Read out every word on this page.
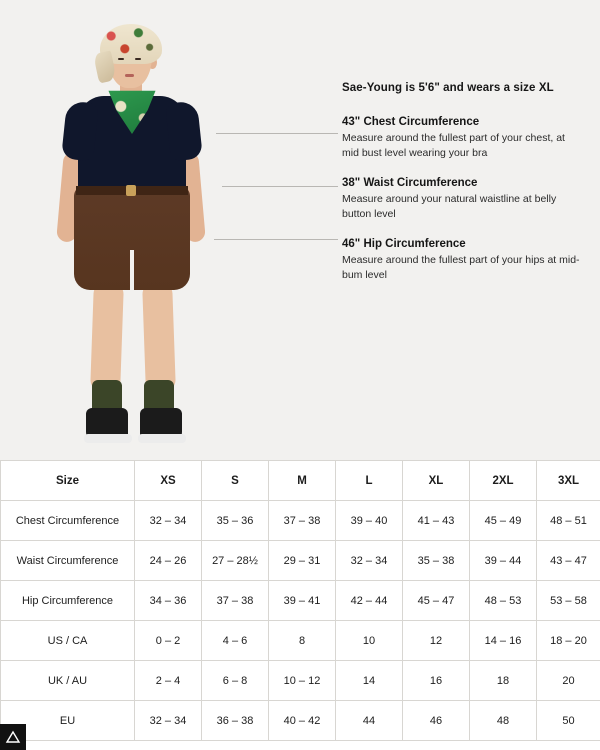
Sae-Young is 5'6" and wears a size XL
43" Chest Circumference
Measure around the fullest part of your chest, at mid bust level wearing your bra
38" Waist Circumference
Measure around your natural waistline at belly button level
46" Hip Circumference
Measure around the fullest part of your hips at mid-bum level
Size	XS	S	M	L	XL	2XL	3XL
Chest Circumference	32 – 34	35 – 36	37 – 38	39 – 40	41 – 43	45 – 49	48 – 51
Waist Circumference	24 – 26	27 – 28½	29 – 31	32 – 34	35 – 38	39 – 44	43 – 47
Hip Circumference	34 – 36	37 – 38	39 – 41	42 – 44	45 – 47	48 – 53	53 – 58
US / CA	0 – 2	4 – 6	8	10	12	14 – 16	18 – 20
UK / AU	2 – 4	6 – 8	10 – 12	14	16	18	20
EU	32 – 34	36 – 38	40 – 42	44	46	48	50
